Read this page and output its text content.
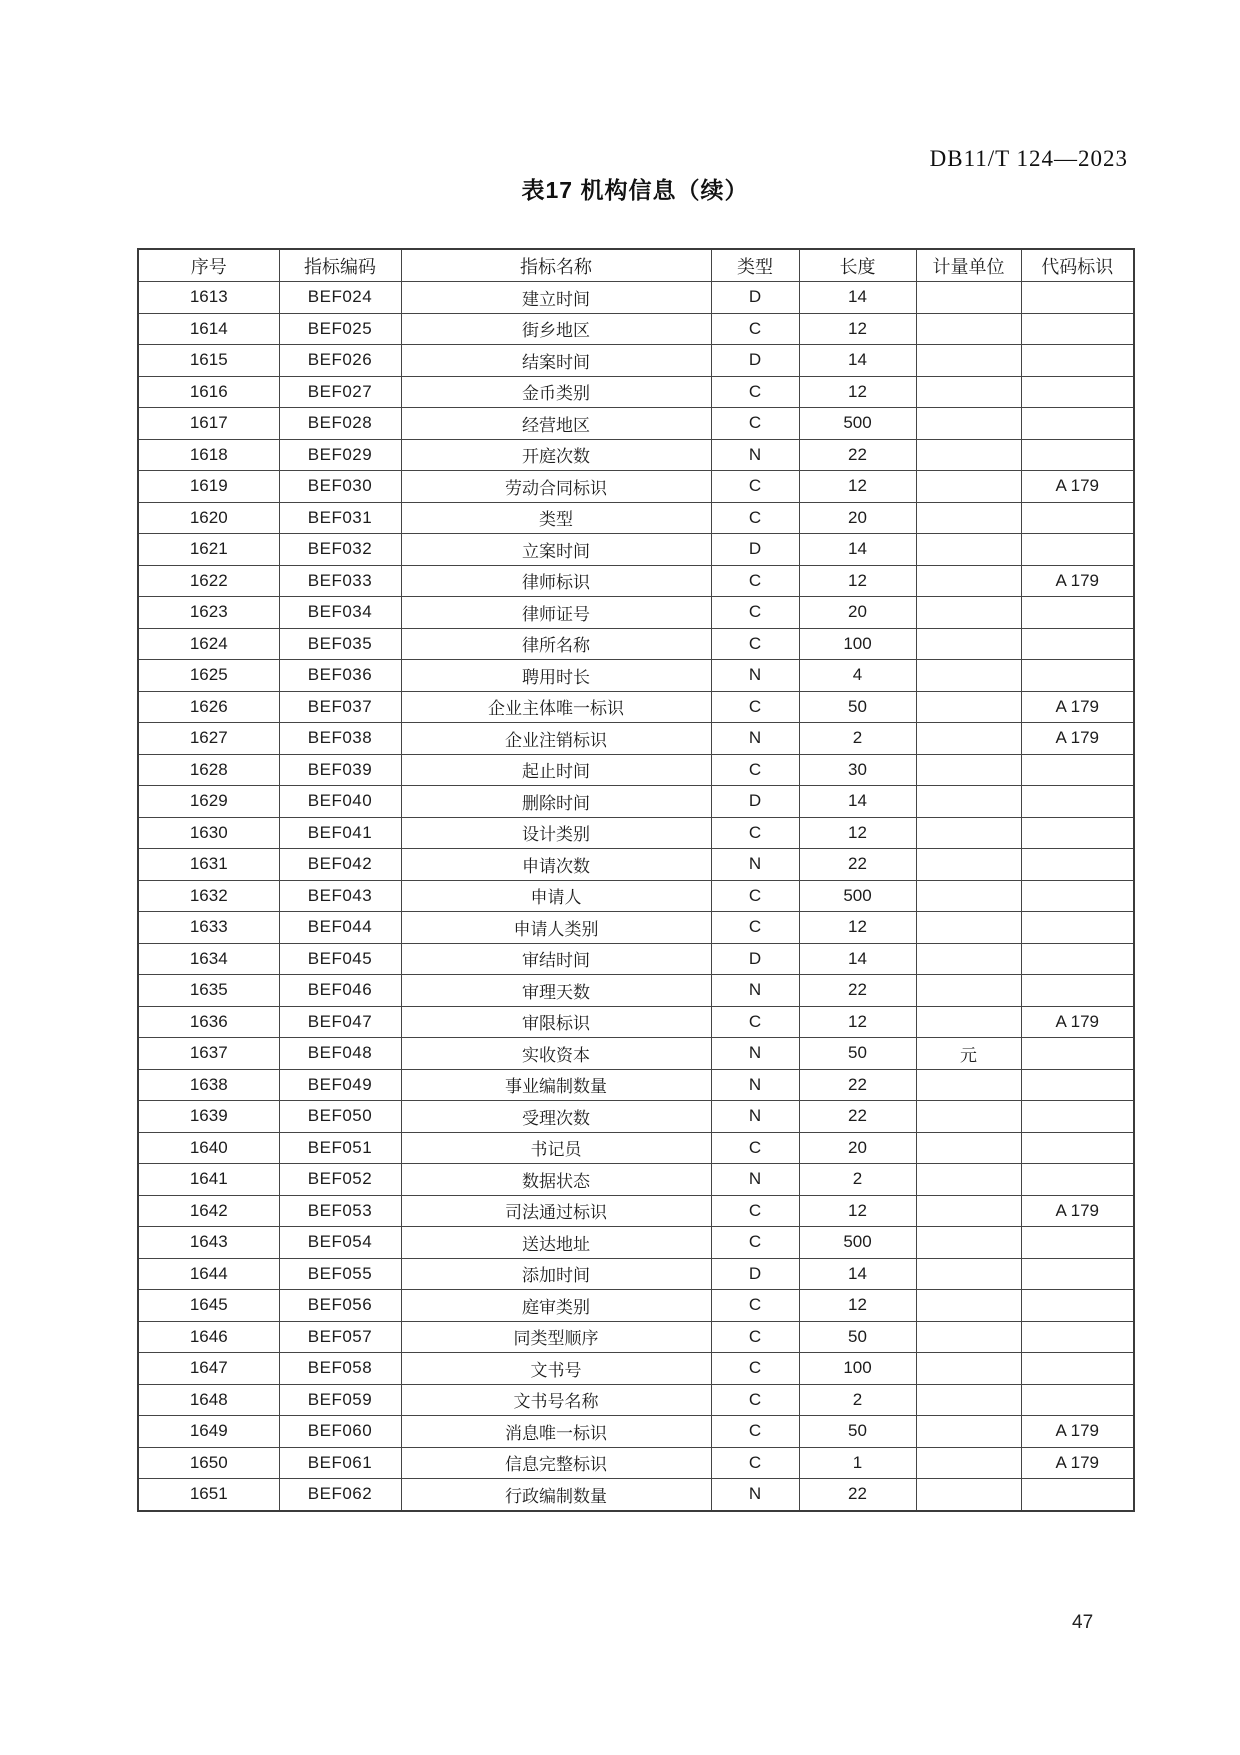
DB11/T 124—2023
表17 机构信息（续）
序号	指标编码	指标名称	类型	长度	计量单位	代码标识
1613	BEF024	建立时间	D	14		
1614	BEF025	街乡地区	C	12		
1615	BEF026	结案时间	D	14		
1616	BEF027	金币类别	C	12		
1617	BEF028	经营地区	C	500		
1618	BEF029	开庭次数	N	22		
1619	BEF030	劳动合同标识	C	12		A 179
1620	BEF031	类型	C	20		
1621	BEF032	立案时间	D	14		
1622	BEF033	律师标识	C	12		A 179
1623	BEF034	律师证号	C	20		
1624	BEF035	律所名称	C	100		
1625	BEF036	聘用时长	N	4		
1626	BEF037	企业主体唯一标识	C	50		A 179
1627	BEF038	企业注销标识	N	2		A 179
1628	BEF039	起止时间	C	30		
1629	BEF040	删除时间	D	14		
1630	BEF041	设计类别	C	12		
1631	BEF042	申请次数	N	22		
1632	BEF043	申请人	C	500		
1633	BEF044	申请人类别	C	12		
1634	BEF045	审结时间	D	14		
1635	BEF046	审理天数	N	22		
1636	BEF047	审限标识	C	12		A 179
1637	BEF048	实收资本	N	50	元	
1638	BEF049	事业编制数量	N	22		
1639	BEF050	受理次数	N	22		
1640	BEF051	书记员	C	20		
1641	BEF052	数据状态	N	2		
1642	BEF053	司法通过标识	C	12		A 179
1643	BEF054	送达地址	C	500		
1644	BEF055	添加时间	D	14		
1645	BEF056	庭审类别	C	12		
1646	BEF057	同类型顺序	C	50		
1647	BEF058	文书号	C	100		
1648	BEF059	文书号名称	C	2		
1649	BEF060	消息唯一标识	C	50		A 179
1650	BEF061	信息完整标识	C	1		A 179
1651	BEF062	行政编制数量	N	22		
47
